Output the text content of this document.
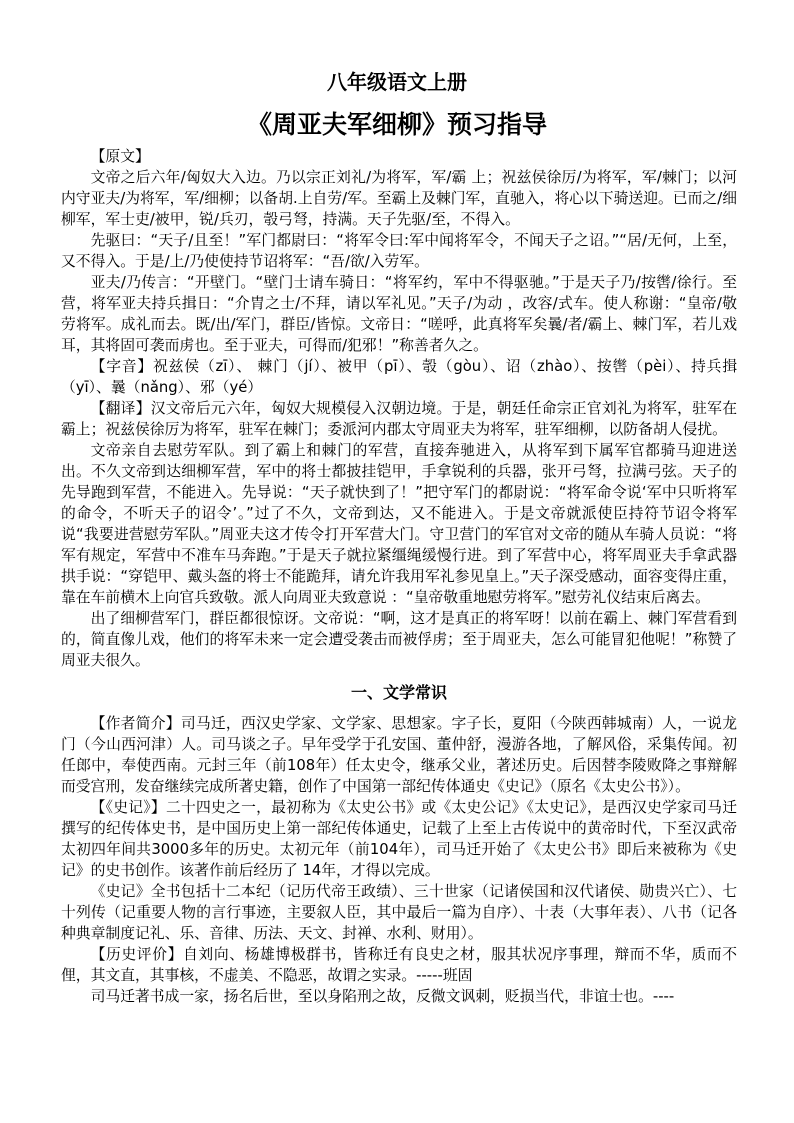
八年级语文上册
《周亚夫军细柳》预习指导

【原文】

文帝之后六年/匈奴大入边。乃以宗正刘礼/为将军，军/霸 上；祝兹侯徐厉/为将军，军/棘门；以河内守亚夫/为将军，军/细柳；以备胡.上自劳/军。至霸上及棘门军，直驰入，将心以下骑送迎。已而之/细柳军，军士吏/被甲，锐/兵刃，彀弓弩，持满。天子先驱/至，不得入。

先驱曰：“天子/且至！”军门都尉曰：“将军令曰:军中闻将军令，不闻天子之诏。”“居/无何，上至，又不得入。于是/上/乃使使持节诏将军：“吾/欲/入劳军。

亚夫/乃传言：“开壁门。“壁门士请车骑日：“将军约，军中不得驱驰。”于是天子乃/按辔/徐行。至营，将军亚夫持兵揖日：“介胄之士/不拜，请以军礼见。”天子/为动 ，改容/式车。使人称谢：“皇帝/敬劳将军。成礼而去。既/出/军门，群臣/皆惊。文帝日：“嗟呼，此真将军矣曩/者/霸上、棘门军，若儿戏耳，其将固可袭而虏也。至于亚夫，可得而/犯邪！”称善者久之。

【字音】祝兹侯（zī）、 棘门（jí）、被甲（pī）、彀（gòu）、诏（zhào）、按辔（pèi）、持兵揖（yī）、曩（nǎng）、邪（yé）

【翻译】汉文帝后元六年，匈奴大规模侵入汉朝边境。于是，朝廷任命宗正官刘礼为将军，驻军在霸上；祝兹侯徐厉为将军，驻军在棘门；委派河内郡太守周亚夫为将军，驻军细柳，以防备胡人侵扰。

文帝亲自去慰劳军队。到了霸上和棘门的军营，直接奔驰进入，从将军到下属军官都骑马迎进送出。不久文帝到达细柳军营，军中的将士都披挂铠甲，手拿锐利的兵器，张开弓弩，拉满弓弦。天子的先导跑到军营，不能进入。先导说：“天子就快到了！”把守军门的都尉说：“将军命令说‘军中只听将军的命令，不听天子的诏令’。”过了不久，文帝到达，又不能进入。于是文帝就派使臣持符节诏令将军说“我要进营慰劳军队。”周亚夫这才传令打开军营大门。守卫营门的军官对文帝的随从车骑人员说：“将军有规定，军营中不准车马奔跑。”于是天子就拉紧缰绳缓慢行进。到了军营中心，将军周亚夫手拿武器拱手说：“穿铠甲、戴头盔的将士不能跪拜，请允许我用军礼参见皇上。”天子深受感动，面容变得庄重，靠在车前横木上向官兵致敬。派人向周亚夫致意说 ：“皇帝敬重地慰劳将军。”慰劳礼仪结束后离去。

出了细柳营军门，群臣都很惊讶。文帝说：“啊，这才是真正的将军呀！以前在霸上、棘门军营看到的，简直像儿戏，他们的将军未来一定会遭受袭击而被俘虏；至于周亚夫，怎么可能冒犯他呢！”称赞了周亚夫很久。

一、文学常识

【作者简介】司马迁，西汉史学家、文学家、思想家。字子长，夏阳（今陕西韩城南）人，一说龙门（今山西河津）人。司马谈之子。早年受学于孔安国、董仲舒，漫游各地，了解风俗，采集传闻。初任郎中，奉使西南。元封三年（前108年）任太史令，继承父业，著述历史。后因替李陵败降之事辩解而受宫刑，发奋继续完成所著史籍，创作了中国第一部纪传体通史《史记》（原名《太史公书》）。

【《史记》】二十四史之一，最初称为《太史公书》或《太史公记》《太史记》，是西汉史学家司马迁撰写的纪传体史书，是中国历史上第一部纪传体通史，记载了上至上古传说中的黄帝时代，下至汉武帝太初四年间共3000多年的历史。太初元年（前104年），司马迁开始了《太史公书》即后来被称为《史记》的史书创作。该著作前后经历了 14年，才得以完成。

《史记》全书包括十二本纪（记历代帝王政绩）、三十世家（记诸侯国和汉代诸侯、勋贵兴亡）、七十列传（记重要人物的言行事迹，主要叙人臣，其中最后一篇为自序）、十表（大事年表）、八书（记各种典章制度记礼、乐、音律、历法、天文、封禅、水利、财用）。

【历史评价】自刘向、杨雄博极群书，皆称迁有良史之材，服其状况序事理，辩而不华，质而不俚，其文直，其事核，不虚美、不隐恶，故谓之实录。-----班固

司马迁著书成一家，扬名后世，至以身陷刑之故，反微文讽刺，贬损当代，非谊士也。----
